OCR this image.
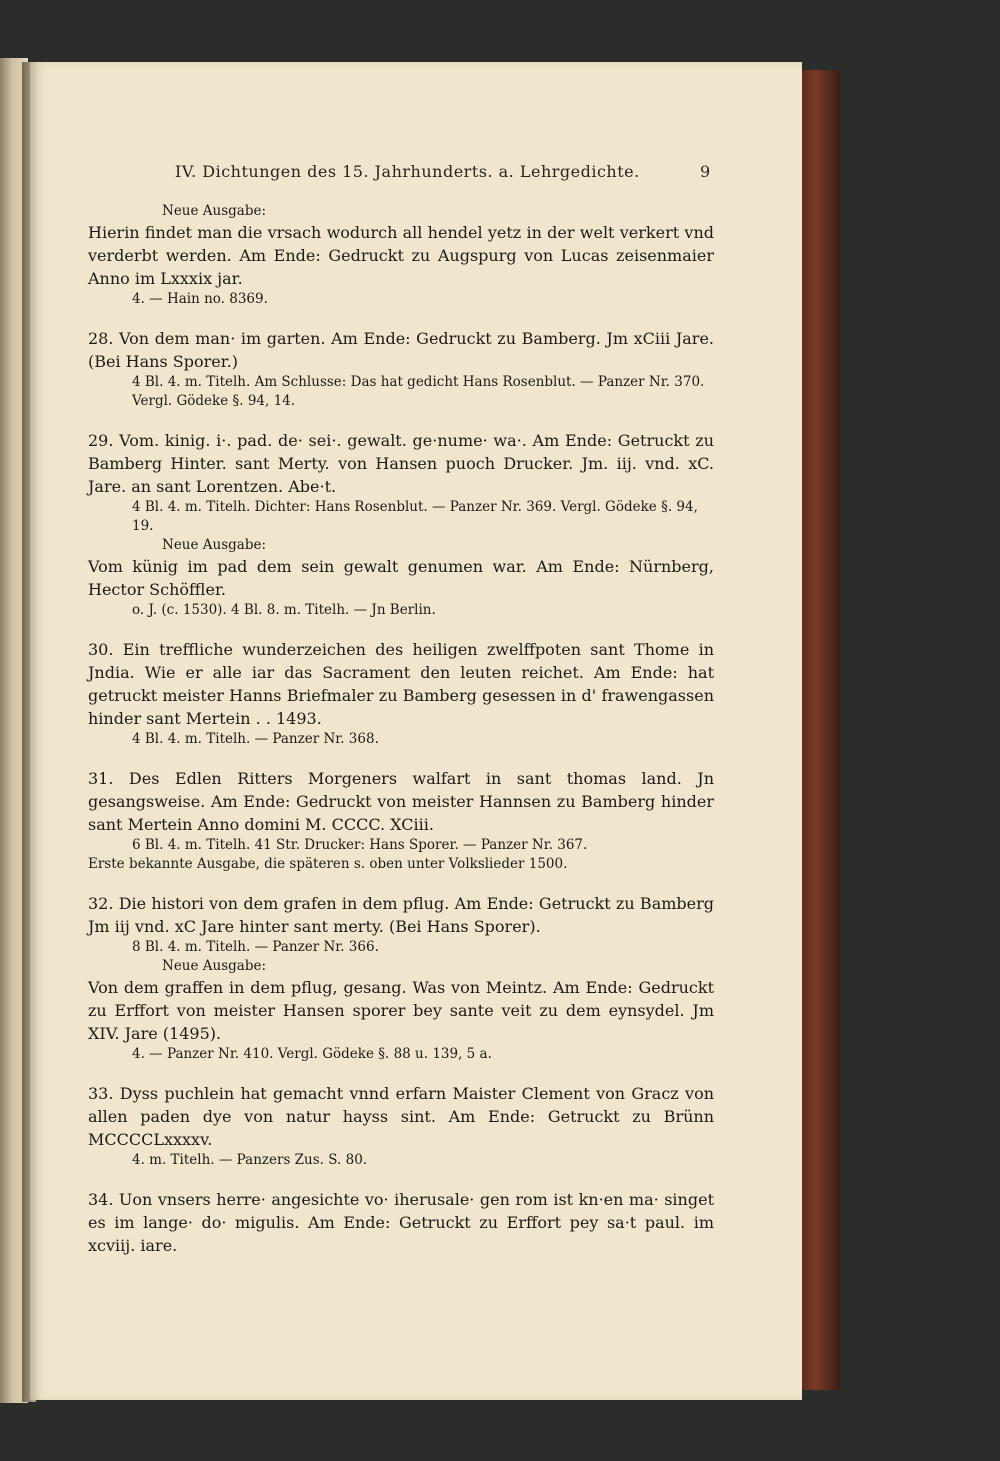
IV. Dichtungen des 15. Jahrhunderts. a. Lehrgedichte.	9

Neue Ausgabe:

Hierin findet man die vrsach wodurch all hendel yetz in der welt verkert vnd verderbt werden. Am Ende: Gedruckt zu Augspurg von Lucas zeisenmaier Anno im Lxxxix jar.

4. — Hain no. 8369.

28. Von dem man· im garten. Am Ende: Gedruckt zu Bamberg. Jm xCiii Jare. (Bei Hans Sporer.)

4 Bl. 4. m. Titelh. Am Schlusse: Das hat gedicht Hans Rosenblut. — Panzer Nr. 370. Vergl. Gödeke §. 94, 14.

29. Vom. kinig. i·. pad. de· sei·. gewalt. ge·nume· wa·. Am Ende: Getruckt zu Bamberg Hinter. sant Merty. von Hansen puoch Drucker. Jm. iij. vnd. xC. Jare. an sant Lorentzen. Abe·t.

4 Bl. 4. m. Titelh. Dichter: Hans Rosenblut. — Panzer Nr. 369. Vergl. Gödeke §. 94, 19.

Neue Ausgabe:

Vom künig im pad dem sein gewalt genumen war. Am Ende: Nürnberg, Hector Schöffler.

o. J. (c. 1530). 4 Bl. 8. m. Titelh. — Jn Berlin.

30. Ein treffliche wunderzeichen des heiligen zwelffpoten sant Thome in Jndia. Wie er alle iar das Sacrament den leuten reichet. Am Ende: hat getruckt meister Hanns Briefmaler zu Bamberg gesessen in d' frawengassen hinder sant Mertein . . 1493.

4 Bl. 4. m. Titelh. — Panzer Nr. 368.

31. Des Edlen Ritters Morgeners walfart in sant thomas land. Jn gesangsweise. Am Ende: Gedruckt von meister Hannsen zu Bamberg hinder sant Mertein Anno domini M. CCCC. XCiii.

6 Bl. 4. m. Titelh. 41 Str. Drucker: Hans Sporer. — Panzer Nr. 367.

Erste bekannte Ausgabe, die späteren s. oben unter Volkslieder 1500.

32. Die histori von dem grafen in dem pflug. Am Ende: Getruckt zu Bamberg Jm iij vnd. xC Jare hinter sant merty. (Bei Hans Sporer).

8 Bl. 4. m. Titelh. — Panzer Nr. 366.

Neue Ausgabe:

Von dem graffen in dem pflug, gesang. Was von Meintz. Am Ende: Gedruckt zu Erffort von meister Hansen sporer bey sante veit zu dem eynsydel. Jm XIV. Jare (1495).

4. — Panzer Nr. 410. Vergl. Gödeke §. 88 u. 139, 5 a.

33. Dyss puchlein hat gemacht vnnd erfarn Maister Clement von Gracz von allen paden dye von natur hayss sint. Am Ende: Getruckt zu Brünn MCCCCLxxxxv.

4. m. Titelh. — Panzers Zus. S. 80.

34. Uon vnsers herre· angesichte vo· iherusale· gen rom ist kn·en ma· singet es im lange· do· migulis. Am Ende: Getruckt zu Erffort pey sa·t paul. im xcviij. iare.
